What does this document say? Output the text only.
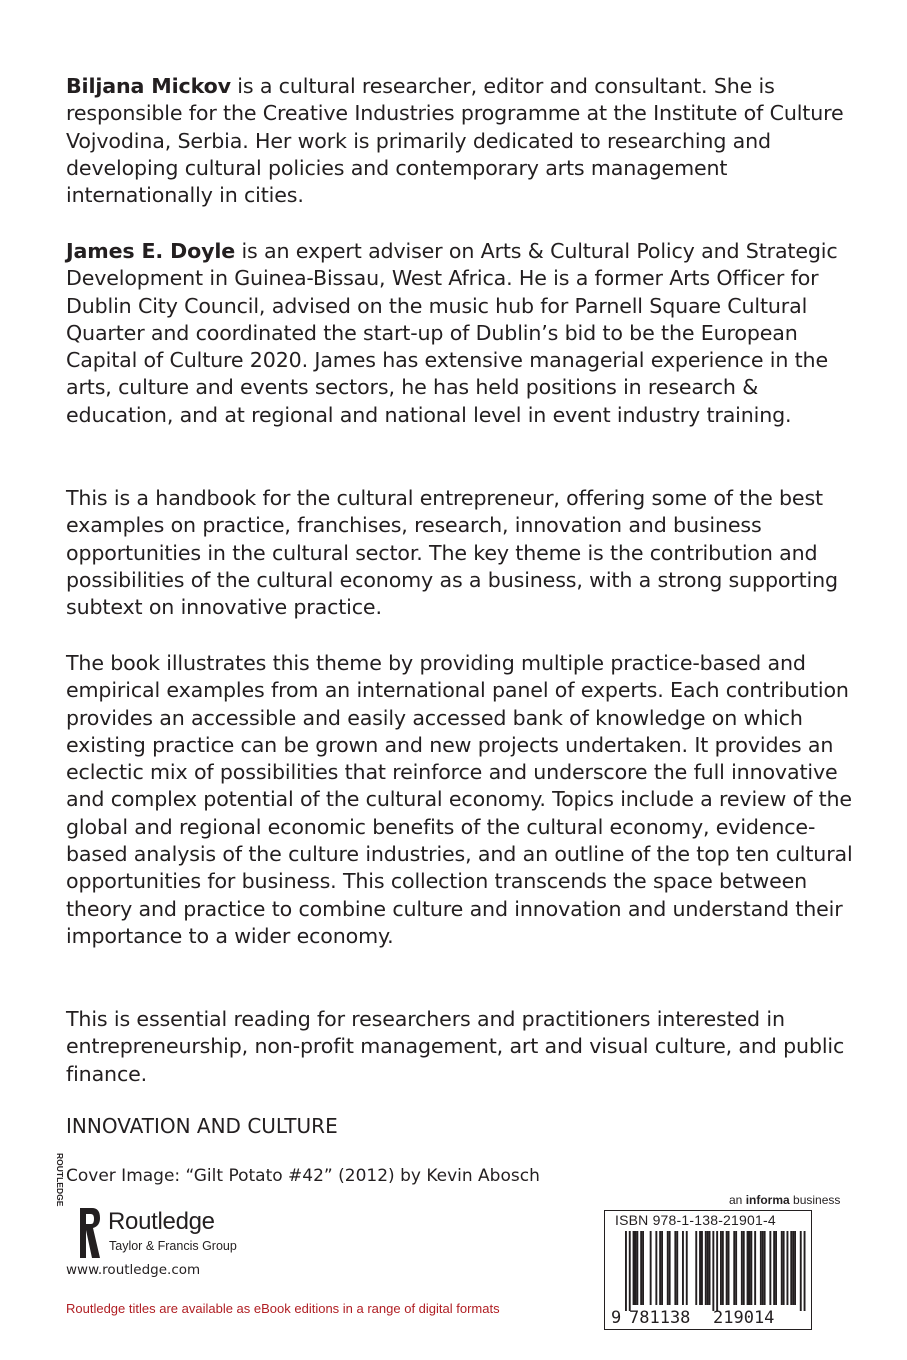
Biljana Mickov is a cultural researcher, editor and consultant. She is responsible for the Creative Industries programme at the Institute of Culture Vojvodina, Serbia. Her work is primarily dedicated to researching and developing cultural policies and contemporary arts management internationally in cities.

James E. Doyle is an expert adviser on Arts & Cultural Policy and Strategic Development in Guinea-Bissau, West Africa. He is a former Arts Officer for Dublin City Council, advised on the music hub for Parnell Square Cultural Quarter and coordinated the start-up of Dublin’s bid to be the European Capital of Culture 2020. James has extensive managerial experience in the arts, culture and events sectors, he has held positions in research & education, and at regional and national level in event industry training.

This is a handbook for the cultural entrepreneur, offering some of the best examples on practice, franchises, research, innovation and business opportunities in the cultural sector. The key theme is the contribution and possibilities of the cultural economy as a business, with a strong supporting subtext on innovative practice.

The book illustrates this theme by providing multiple practice-based and empirical examples from an international panel of experts. Each contribution provides an accessible and easily accessed bank of knowledge on which existing practice can be grown and new projects undertaken. It provides an eclectic mix of possibilities that reinforce and underscore the full innovative and complex potential of the cultural economy. Topics include a review of the global and regional economic benefits of the cultural economy, evidence-based analysis of the culture industries, and an outline of the top ten cultural opportunities for business. This collection transcends the space between theory and practice to combine culture and innovation and understand their importance to a wider economy.

This is essential reading for researchers and practitioners interested in entrepreneurship, non-profit management, art and visual culture, and public finance.

INNOVATION AND CULTURE

Cover Image: “Gilt Potato #42” (2012) by Kevin Abosch

ROUTLEDGE
Routledge
Taylor & Francis Group

www.routledge.com

Routledge titles are available as eBook editions in a range of digital formats

an informa business

ISBN 978-1-138-21901-4

9 781138 219014
